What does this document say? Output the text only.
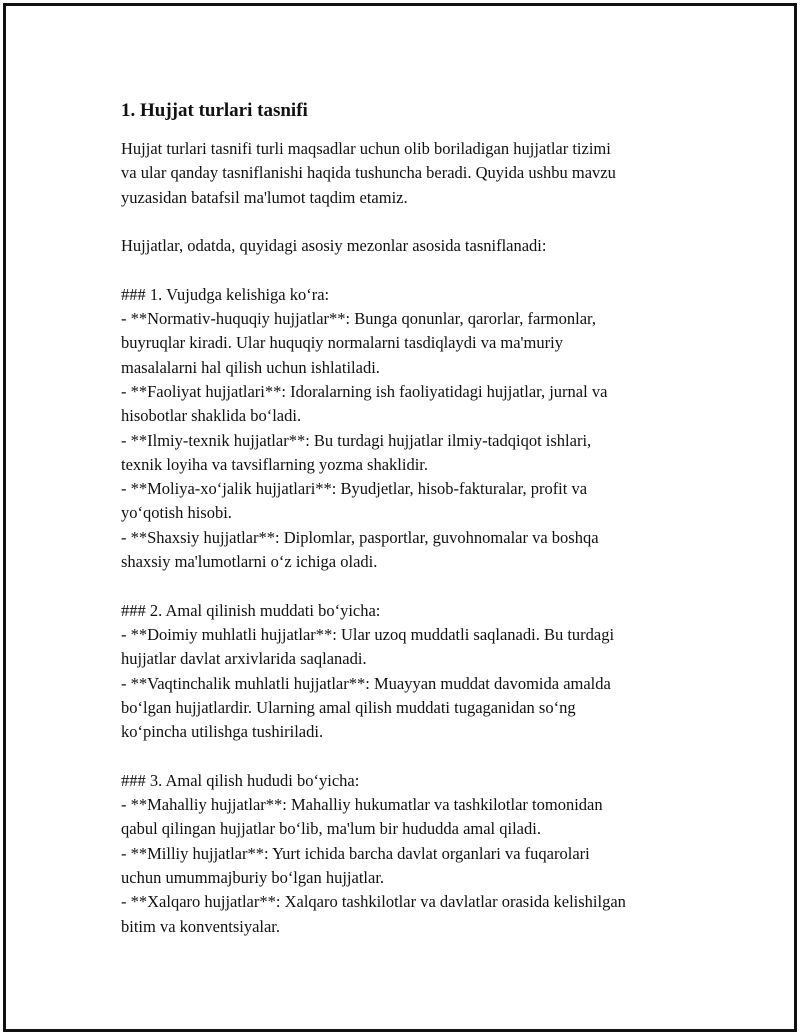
1. Hujjat turlari tasnifi
Hujjat turlari tasnifi turli maqsadlar uchun olib boriladigan hujjatlar tizimi
va ular qanday tasniflanishi haqida tushuncha beradi. Quyida ushbu mavzu
yuzasidan batafsil ma'lumot taqdim etamiz.
Hujjatlar, odatda, quyidagi asosiy mezonlar asosida tasniflanadi:
### 1. Vujudga kelishiga koʻra:
- **Normativ-huquqiy hujjatlar**: Bunga qonunlar, qarorlar, farmonlar,
buyruqlar kiradi. Ular huquqiy normalarni tasdiqlaydi va ma'muriy
masalalarni hal qilish uchun ishlatiladi.
- **Faoliyat hujjatlari**: Idoralarning ish faoliyatidagi hujjatlar, jurnal va
hisobotlar shaklida boʻladi.
- **Ilmiy-texnik hujjatlar**: Bu turdagi hujjatlar ilmiy-tadqiqot ishlari,
texnik loyiha va tavsiflarning yozma shaklidir.
- **Moliya-xoʻjalik hujjatlari**: Byudjetlar, hisob-fakturalar, profit va
yoʻqotish hisobi.
- **Shaxsiy hujjatlar**: Diplomlar, pasportlar, guvohnomalar va boshqa
shaxsiy ma'lumotlarni oʻz ichiga oladi.
### 2. Amal qilinish muddati boʻyicha:
- **Doimiy muhlatli hujjatlar**: Ular uzoq muddatli saqlanadi. Bu turdagi
hujjatlar davlat arxivlarida saqlanadi.
- **Vaqtinchalik muhlatli hujjatlar**: Muayyan muddat davomida amalda
boʻlgan hujjatlardir. Ularning amal qilish muddati tugaganidan soʻng
koʻpincha utilishga tushiriladi.
### 3. Amal qilish hududi boʻyicha:
- **Mahalliy hujjatlar**: Mahalliy hukumatlar va tashkilotlar tomonidan
qabul qilingan hujjatlar boʻlib, ma'lum bir hududda amal qiladi.
- **Milliy hujjatlar**: Yurt ichida barcha davlat organlari va fuqarolari
uchun umummajburiy boʻlgan hujjatlar.
- **Xalqaro hujjatlar**: Xalqaro tashkilotlar va davlatlar orasida kelishilgan
bitim va konventsiyalar.
